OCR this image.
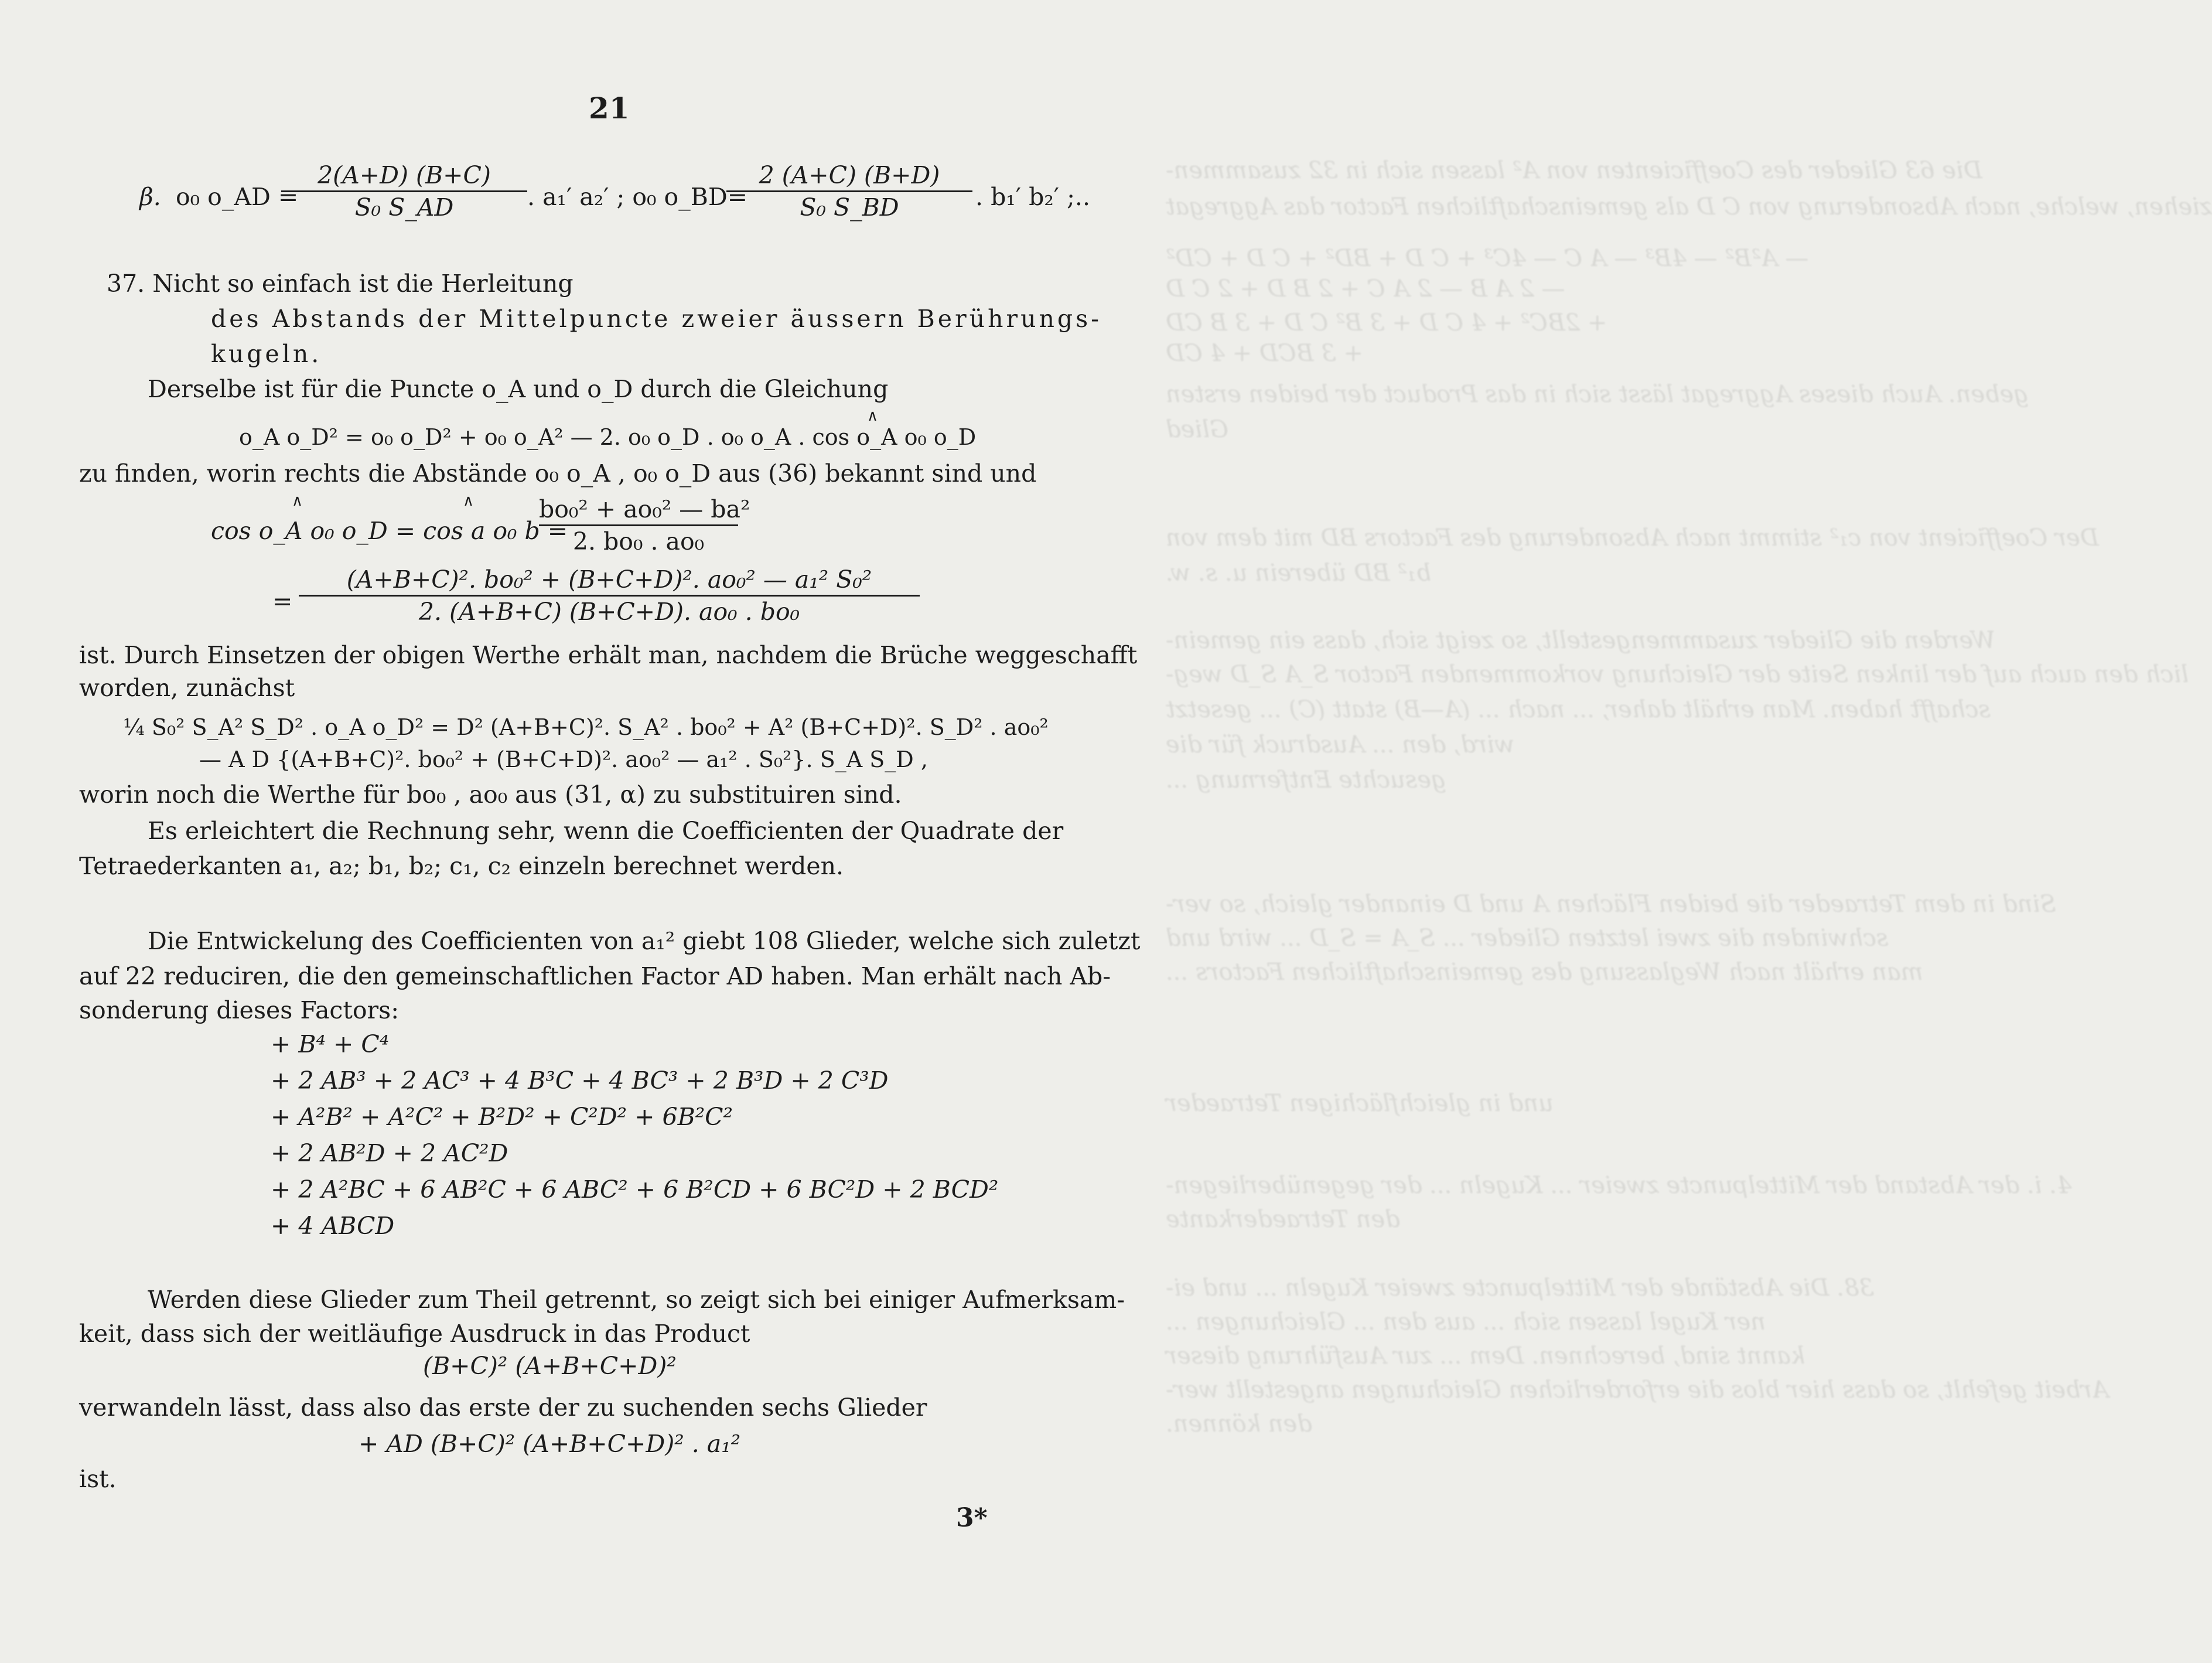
Die 63 Glieder des Coefficienten von A² lassen sich in 32 zusammen-
ziehen, welche, nach Absonderung von C D als gemeinschaftlichen Factor das Aggregat
— A²B² — 4B³ — A C — 4C³ + C D + BD² + C D + CD²
— 2 A B — 2 A C + 2 B D + 2 C D
+ 2BC² + 4 C D + 3 B² C D + 3 B CD
+ 3 BCD + 4 CD
geben. Auch dieses Aggregat lässt sich in das Product der beiden ersten
Glied
Der Coefficient von c₁² stimmt nach Absonderung des Factors BD mit dem von
b₁² BD überein u. s. w.
Werden die Glieder zusammengestellt, so zeigt sich, dass ein gemein-
lich den auch auf der linken Seite der Gleichung vorkommenden Factor S_A S_D weg-
schafft haben. Man erhält daher, ... nach ... (A—B) statt (C) ... gesetzt
wird, den ... Ausdruck für die
gesuchte Entfernung ...
Sind in dem Tetraeder die beiden Flächen A und D einander gleich, so ver-
schwinden die zwei letzten Glieder ... S_A = S_D ... wird und
man erhält nach Weglassung des gemeinschaftlichen Factors ...
und in gleichflächigen Tetraeder
4. i. der Abstand der Mittelpuncte zweier ... Kugeln ... der gegenüberliegen-
den Tetraederkante
38. Die Abstände der Mittelpuncte zweier Kugeln ... und ei-
ner Kugel lassen sich ... aus den ... Gleichungen ...
kannt sind, berechnen. Dem ... zur Ausführung dieser
Arbeit gefehlt, so dass hier blos die erforderlichen Gleichungen angestellt wer-
den können.
21
β. o₀ o_AD =
2(A+D) (B+C)
S₀ S_AD	. a₁′ a₂′ ; o₀ o_BD=
2 (A+C) (B+D)
S₀ S_BD	. b₁′ b₂′ ;..
37. Nicht so einfach ist die Herleitung
des Abstands der Mittelpuncte zweier äussern Berührungs-
kugeln.
Derselbe ist für die Puncte o_A und o_D durch die Gleichung
∧
o_A o_D² = o₀ o_D² + o₀ o_A² — 2. o₀ o_D . o₀ o_A . cos o_A o₀ o_D
zu finden, worin rechts die Abstände o₀ o_A , o₀ o_D aus (36) bekannt sind und
∧	∧
cos o_A o₀ o_D = cos a o₀ b =
bo₀² + ao₀² — ba²
2. bo₀ . ao₀
=
(A+B+C)². bo₀² + (B+C+D)². ao₀² — a₁² S₀²
2. (A+B+C) (B+C+D). ao₀ . bo₀
ist. Durch Einsetzen der obigen Werthe erhält man, nachdem die Brüche weggeschafft
worden, zunächst
¼ S₀² S_A² S_D² . o_A o_D² = D² (A+B+C)². S_A² . bo₀² + A² (B+C+D)². S_D² . ao₀²
— A D {(A+B+C)². bo₀² + (B+C+D)². ao₀² — a₁² . S₀²}. S_A S_D ,
worin noch die Werthe für bo₀ , ao₀ aus (31, α) zu substituiren sind.
Es erleichtert die Rechnung sehr, wenn die Coefficienten der Quadrate der
Tetraederkanten a₁, a₂; b₁, b₂; c₁, c₂ einzeln berechnet werden.
Die Entwickelung des Coefficienten von a₁² giebt 108 Glieder, welche sich zuletzt
auf 22 reduciren, die den gemeinschaftlichen Factor AD haben. Man erhält nach Ab-
sonderung dieses Factors:
+ B⁴ + C⁴
+ 2 AB³ + 2 AC³ + 4 B³C + 4 BC³ + 2 B³D + 2 C³D
+ A²B² + A²C² + B²D² + C²D² + 6B²C²
+ 2 AB²D + 2 AC²D
+ 2 A²BC + 6 AB²C + 6 ABC² + 6 B²CD + 6 BC²D + 2 BCD²
+ 4 ABCD
Werden diese Glieder zum Theil getrennt, so zeigt sich bei einiger Aufmerksam-
keit, dass sich der weitläufige Ausdruck in das Product
(B+C)² (A+B+C+D)²
verwandeln lässt, dass also das erste der zu suchenden sechs Glieder
+ AD (B+C)² (A+B+C+D)² . a₁²
ist.
3*
